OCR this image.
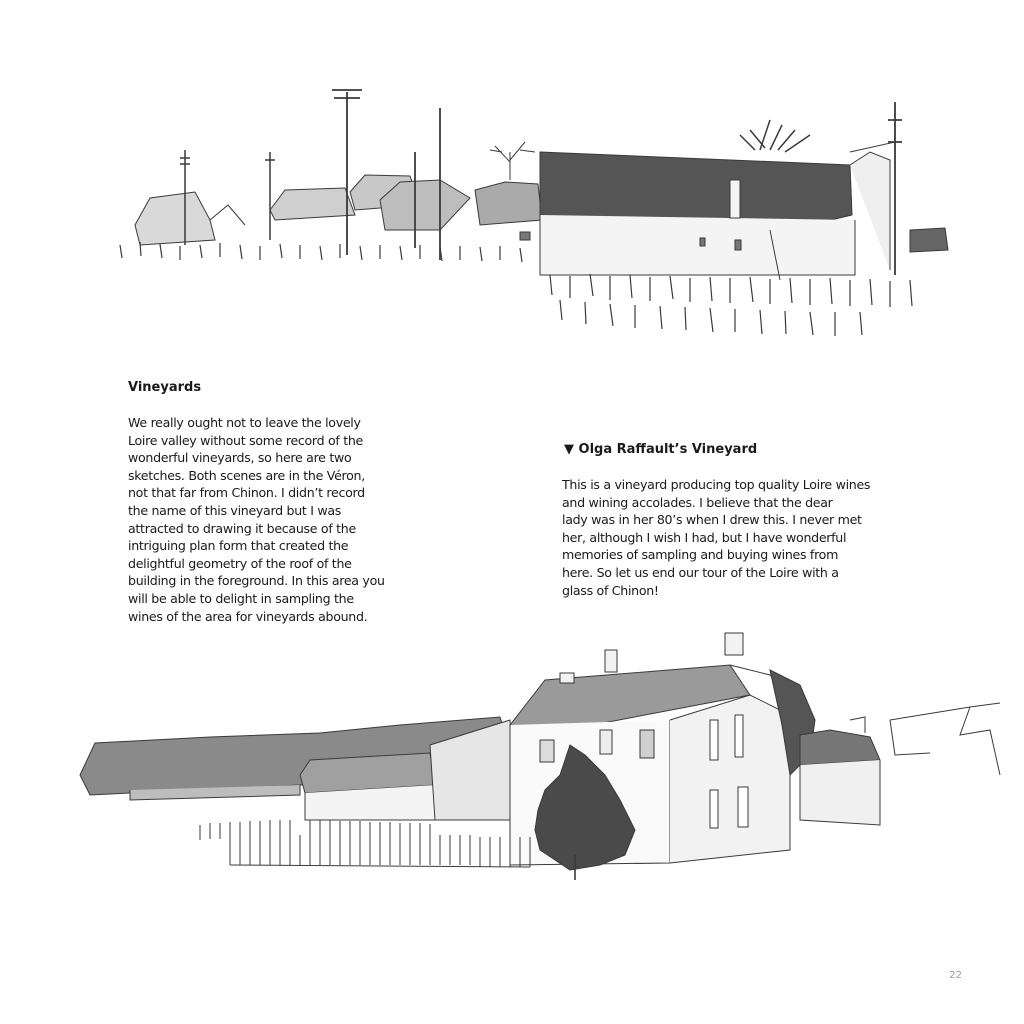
Vineyards

We really ought not to leave the lovely
Loire valley without some record of the
wonderful vineyards, so here are two
sketches. Both scenes are in the Véron,
not that far from Chinon. I didn’t record
the name of this vineyard but I was
attracted to drawing it because of the
intriguing plan form that created the
delightful geometry of the roof of the
building in the foreground. In this area you
will be able to delight in sampling the
wines of the area for vineyards abound.

▼ Olga Raffault’s Vineyard

This is a vineyard producing top quality Loire wines
and wining accolades. I believe that the dear
lady was in her 80’s when I drew this. I never met
her, although I wish I had, but I have wonderful
memories of sampling and buying wines from
here. So let us end our tour of the Loire with a
glass of Chinon!

22
